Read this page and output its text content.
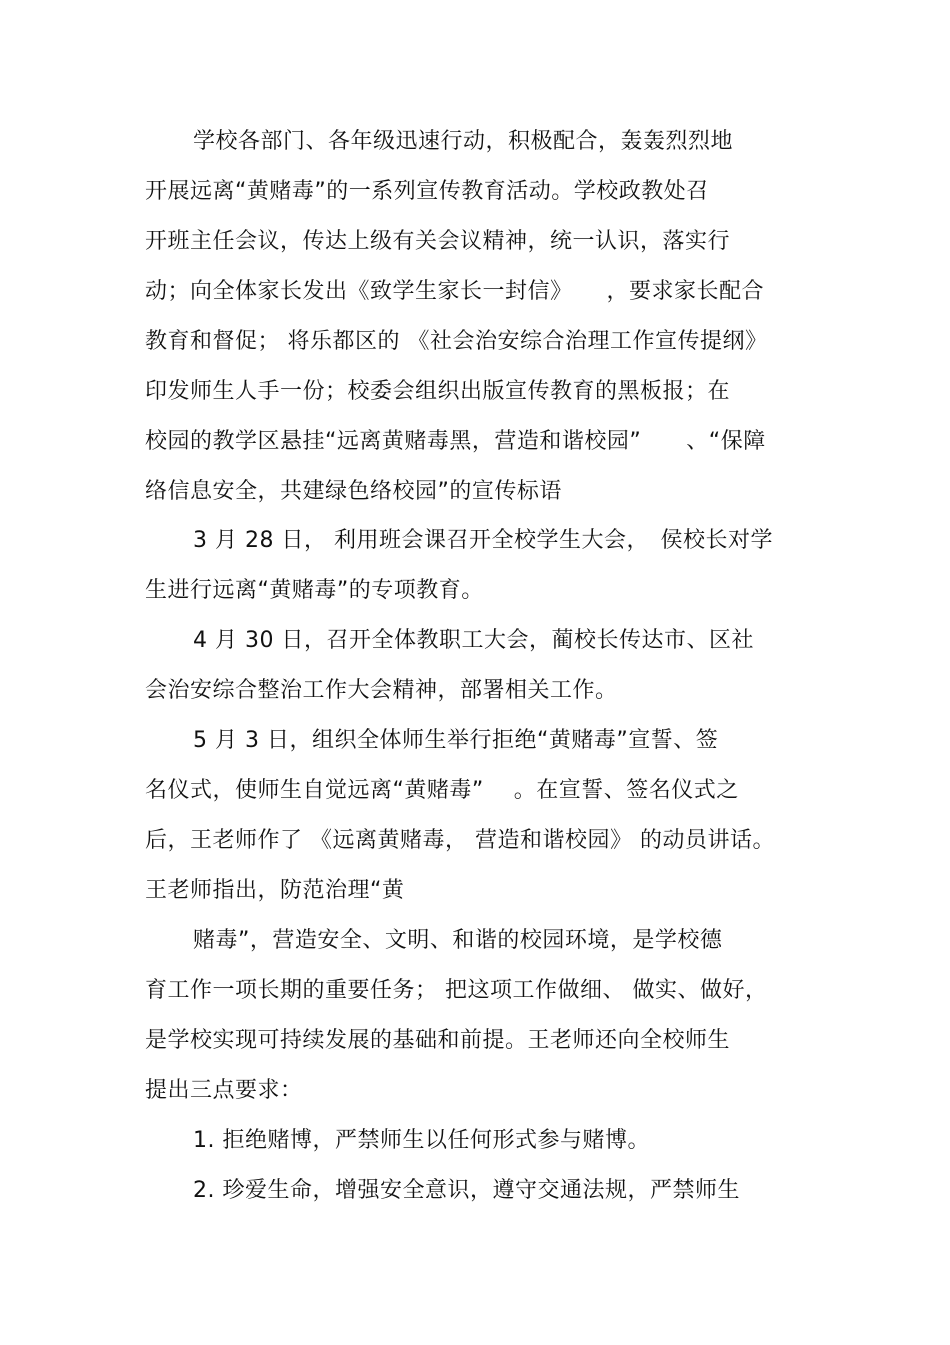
学校各部门、各年级迅速行动，积极配合，轰轰烈烈地

开展远离“黄赌毒”的一系列宣传教育活动。学校政教处召

开班主任会议，传达上级有关会议精神，统一认识，落实行

动；向全体家长发出《致学生家长一封信》　　，要求家长配合

教育和督促； 将乐都区的 《社会治安综合治理工作宣传提纲》

印发师生人手一份；校委会组织出版宣传教育的黑板报；在

校园的教学区悬挂“远离黄赌毒黑，营造和谐校园”　　、“保障

络信息安全，共建绿色络校园”的宣传标语

3 月 28 日， 利用班会课召开全校学生大会，　侯校长对学

生进行远离“黄赌毒”的专项教育。

4 月 30 日，召开全体教职工大会，蔺校长传达市、区社

会治安综合整治工作大会精神，部署相关工作。

5 月 3 日，组织全体师生举行拒绝“黄赌毒”宣誓、签

名仪式，使师生自觉远离“黄赌毒”　 。在宣誓、签名仪式之

后，王老师作了 《远离黄赌毒， 营造和谐校园》 的动员讲话。

王老师指出，防范治理“黄

赌毒”，营造安全、文明、和谐的校园环境，是学校德

育工作一项长期的重要任务； 把这项工作做细、 做实、做好，

是学校实现可持续发展的基础和前提。王老师还向全校师生

提出三点要求：

1. 拒绝赌博，严禁师生以任何形式参与赌博。

2. 珍爱生命，增强安全意识，遵守交通法规，严禁师生
